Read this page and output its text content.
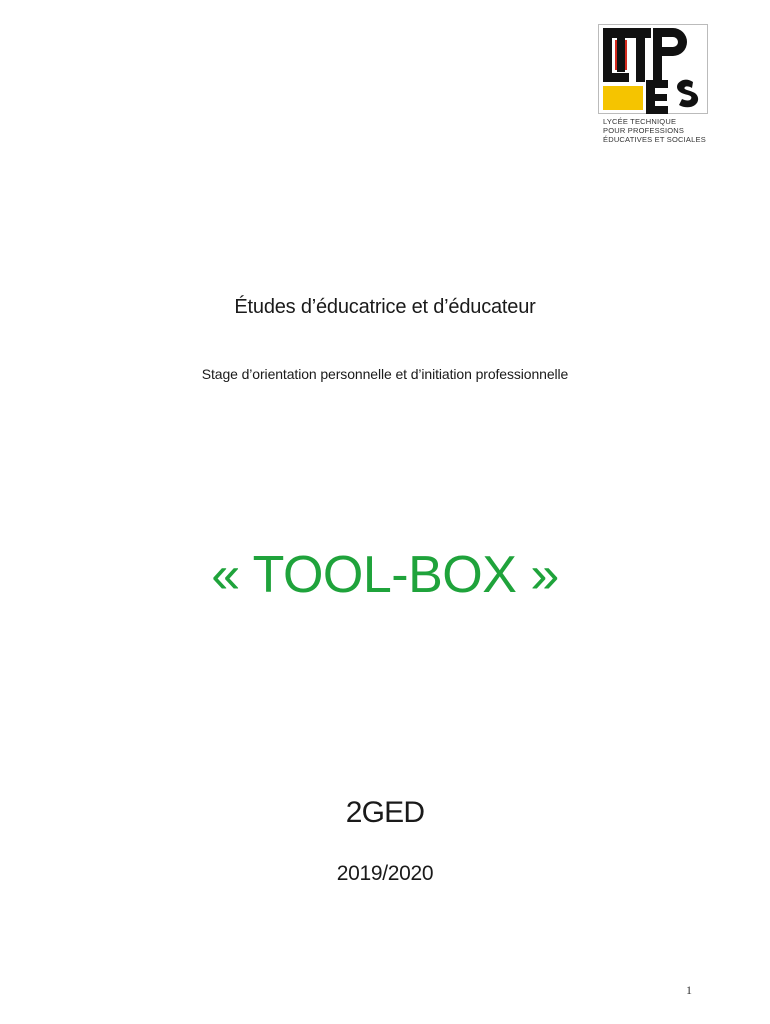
LYCÉE TECHNIQUE
POUR PROFESSIONS
ÉDUCATIVES ET SOCIALES
Études d’éducatrice et d’éducateur
Stage d’orientation personnelle et d’initiation professionnelle
« TOOL-BOX »
2GED
2019/2020
1
